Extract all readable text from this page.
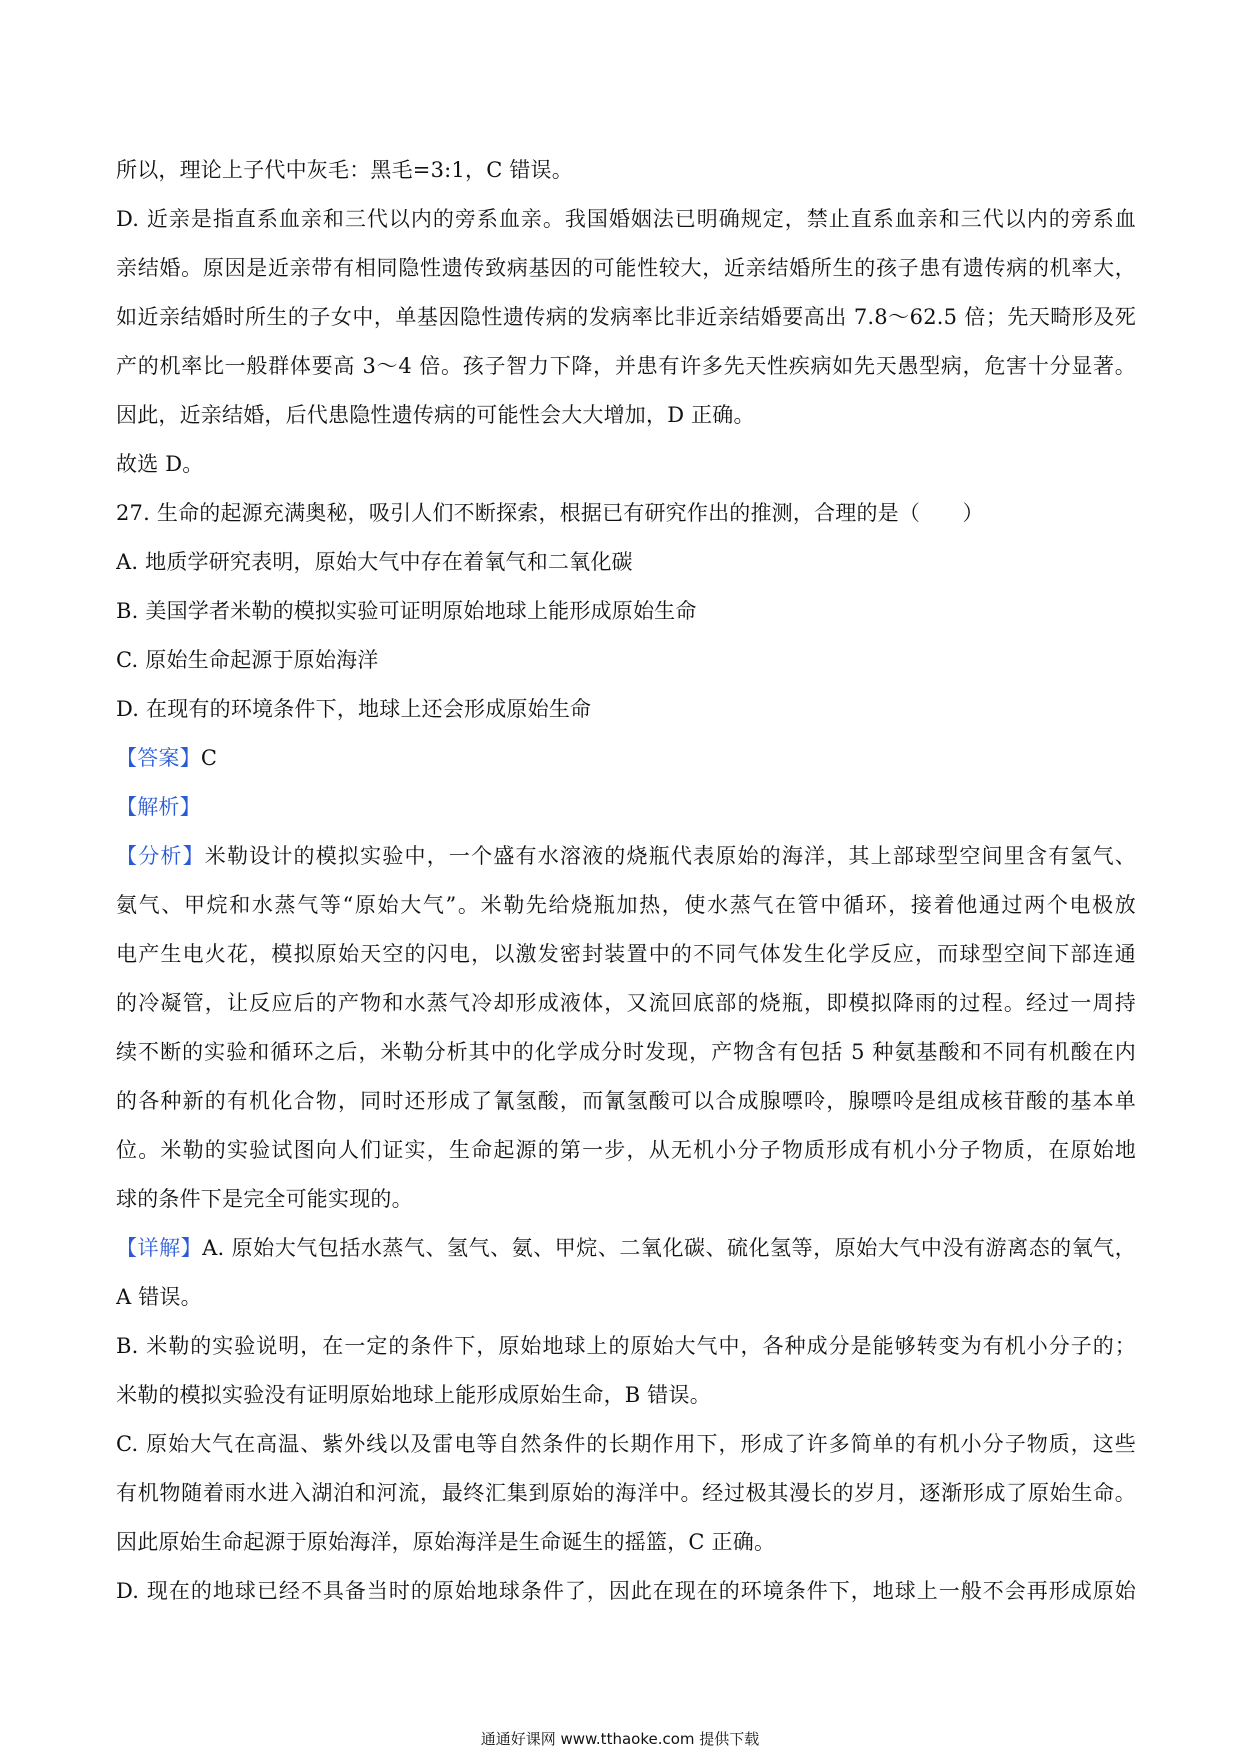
所以，理论上子代中灰毛：黑毛=3:1，C 错误。
D. 近亲是指直系血亲和三代以内的旁系血亲。我国婚姻法已明确规定，禁止直系血亲和三代以内的旁系血
亲结婚。原因是近亲带有相同隐性遗传致病基因的可能性较大，近亲结婚所生的孩子患有遗传病的机率大，
如近亲结婚时所生的子女中，单基因隐性遗传病的发病率比非近亲结婚要高出 7.8～62.5 倍；先天畸形及死
产的机率比一般群体要高 3～4 倍。孩子智力下降，并患有许多先天性疾病如先天愚型病，危害十分显著。
因此，近亲结婚，后代患隐性遗传病的可能性会大大增加，D 正确。
故选 D。
27. 生命的起源充满奥秘，吸引人们不断探索，根据已有研究作出的推测，合理的是（　　）
A. 地质学研究表明，原始大气中存在着氧气和二氧化碳
B. 美国学者米勒的模拟实验可证明原始地球上能形成原始生命
C. 原始生命起源于原始海洋
D. 在现有的环境条件下，地球上还会形成原始生命
【答案】C
【解析】
【分析】米勒设计的模拟实验中，一个盛有水溶液的烧瓶代表原始的海洋，其上部球型空间里含有氢气、
氨气、甲烷和水蒸气等“原始大气”。米勒先给烧瓶加热，使水蒸气在管中循环，接着他通过两个电极放
电产生电火花，模拟原始天空的闪电，以激发密封装置中的不同气体发生化学反应，而球型空间下部连通
的冷凝管，让反应后的产物和水蒸气冷却形成液体，又流回底部的烧瓶，即模拟降雨的过程。经过一周持
续不断的实验和循环之后，米勒分析其中的化学成分时发现，产物含有包括 5 种氨基酸和不同有机酸在内
的各种新的有机化合物，同时还形成了氰氢酸，而氰氢酸可以合成腺嘌呤，腺嘌呤是组成核苷酸的基本单
位。米勒的实验试图向人们证实，生命起源的第一步，从无机小分子物质形成有机小分子物质，在原始地
球的条件下是完全可能实现的。
【详解】A. 原始大气包括水蒸气、氢气、氨、甲烷、二氧化碳、硫化氢等，原始大气中没有游离态的氧气，
A 错误。
B. 米勒的实验说明，在一定的条件下，原始地球上的原始大气中，各种成分是能够转变为有机小分子的；
米勒的模拟实验没有证明原始地球上能形成原始生命，B 错误。
C. 原始大气在高温、紫外线以及雷电等自然条件的长期作用下，形成了许多简单的有机小分子物质，这些
有机物随着雨水进入湖泊和河流，最终汇集到原始的海洋中。经过极其漫长的岁月，逐渐形成了原始生命。
因此原始生命起源于原始海洋，原始海洋是生命诞生的摇篮，C 正确。
D. 现在的地球已经不具备当时的原始地球条件了，因此在现在的环境条件下，地球上一般不会再形成原始
通通好课网 www.tthaoke.com 提供下载
